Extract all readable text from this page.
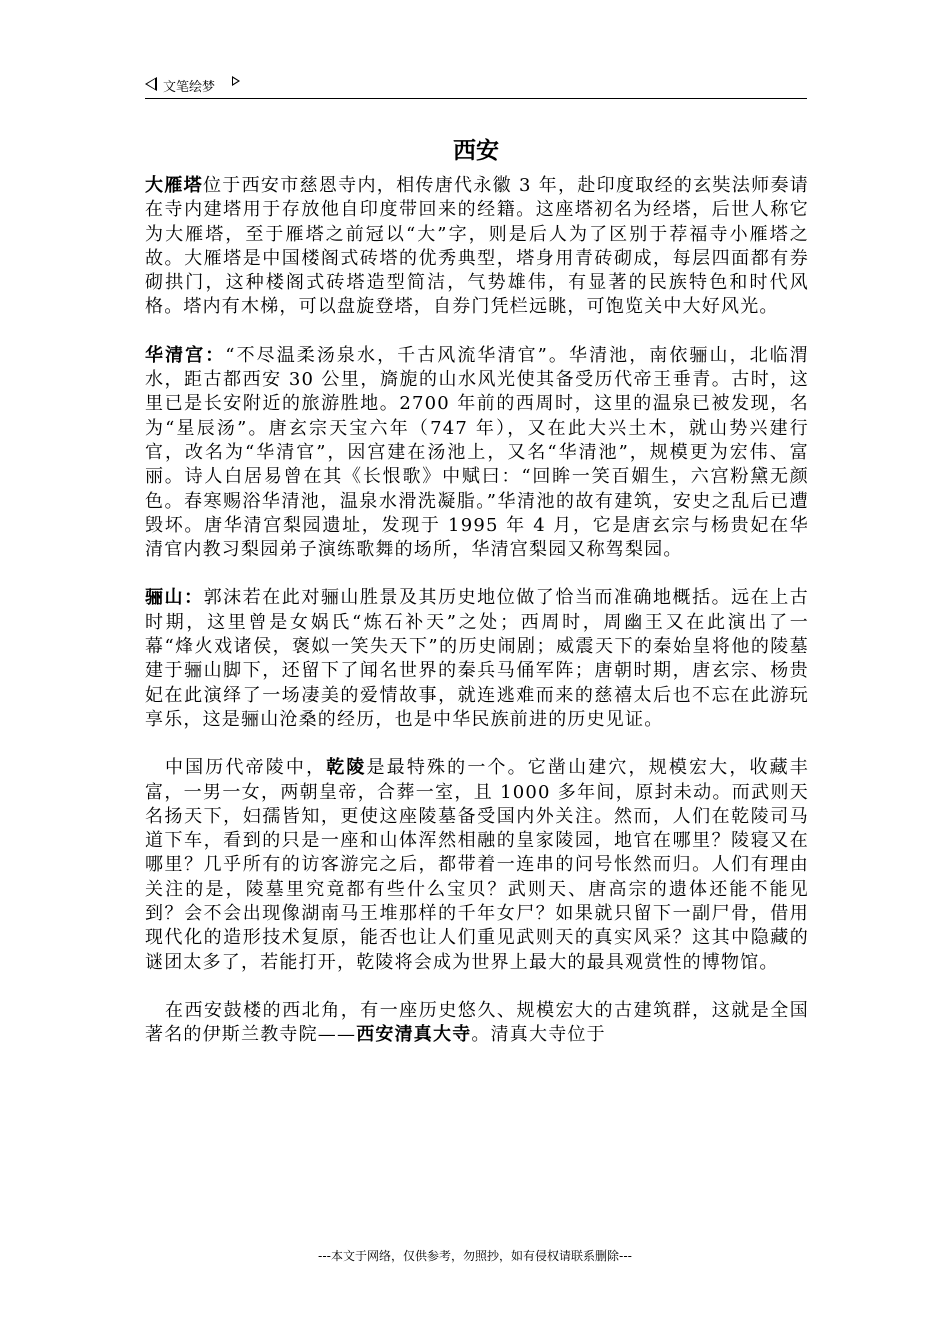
文笔绘梦
西安

大雁塔位于西安市慈恩寺内，相传唐代永徽 3 年，赴印度取经的玄奘法师奏请在寺内建塔用于存放他自印度带回来的经籍。这座塔初名为经塔，后世人称它为大雁塔，至于雁塔之前冠以“大”字，则是后人为了区别于荐福寺小雁塔之故。大雁塔是中国楼阁式砖塔的优秀典型，塔身用青砖砌成，每层四面都有券砌拱门，这种楼阁式砖塔造型简洁，气势雄伟，有显著的民族特色和时代风格。塔内有木梯，可以盘旋登塔，自券门凭栏远眺，可饱览关中大好风光。

华清宫：“不尽温柔汤泉水，千古风流华清官”。华清池，南依骊山，北临渭水，距古都西安 30 公里，旖旎的山水风光使其备受历代帝王垂青。古时，这里已是长安附近的旅游胜地。2700 年前的西周时，这里的温泉已被发现，名为“星辰汤”。唐玄宗天宝六年（747 年），又在此大兴土木，就山势兴建行官，改名为“华清官”，因宫建在汤池上，又名“华清池”，规模更为宏伟、富丽。诗人白居易曾在其《长恨歌》中赋曰：“回眸一笑百媚生，六宫粉黛无颜色。春寒赐浴华清池，温泉水滑洗凝脂。”华清池的故有建筑，安史之乱后已遭毁坏。唐华清宫梨园遗址，发现于 1995 年 4 月，它是唐玄宗与杨贵妃在华清官内教习梨园弟子演练歌舞的场所，华清宫梨园又称驾梨园。

骊山：郭沫若在此对骊山胜景及其历史地位做了恰当而准确地概括。远在上古时期，这里曾是女娲氏“炼石补天”之处；西周时，周幽王又在此演出了一幕“烽火戏诸侯，褒姒一笑失天下”的历史闹剧；威震天下的秦始皇将他的陵墓建于骊山脚下，还留下了闻名世界的秦兵马俑军阵；唐朝时期，唐玄宗、杨贵妃在此演绎了一场凄美的爱情故事，就连逃难而来的慈禧太后也不忘在此游玩享乐，这是骊山沧桑的经历，也是中华民族前进的历史见证。

中国历代帝陵中，乾陵是最特殊的一个。它凿山建穴，规模宏大，收藏丰富，一男一女，两朝皇帝，合葬一室，且 1000 多年间，原封未动。而武则天名扬天下，妇孺皆知，更使这座陵墓备受国内外关注。然而，人们在乾陵司马道下车，看到的只是一座和山体浑然相融的皇家陵园，地官在哪里？陵寝又在哪里？几乎所有的访客游完之后，都带着一连串的问号怅然而归。人们有理由关注的是，陵墓里究竟都有些什么宝贝？武则天、唐高宗的遗体还能不能见到？会不会出现像湖南马王堆那样的千年女尸？如果就只留下一副尸骨，借用现代化的造形技术复原，能否也让人们重见武则天的真实风采？这其中隐藏的谜团太多了，若能打开，乾陵将会成为世界上最大的最具观赏性的博物馆。

在西安鼓楼的西北角，有一座历史悠久、规模宏大的古建筑群，这就是全国著名的伊斯兰教寺院——西安清真大寺。清真大寺位于

---本文于网络，仅供参考，勿照抄，如有侵权请联系删除---
